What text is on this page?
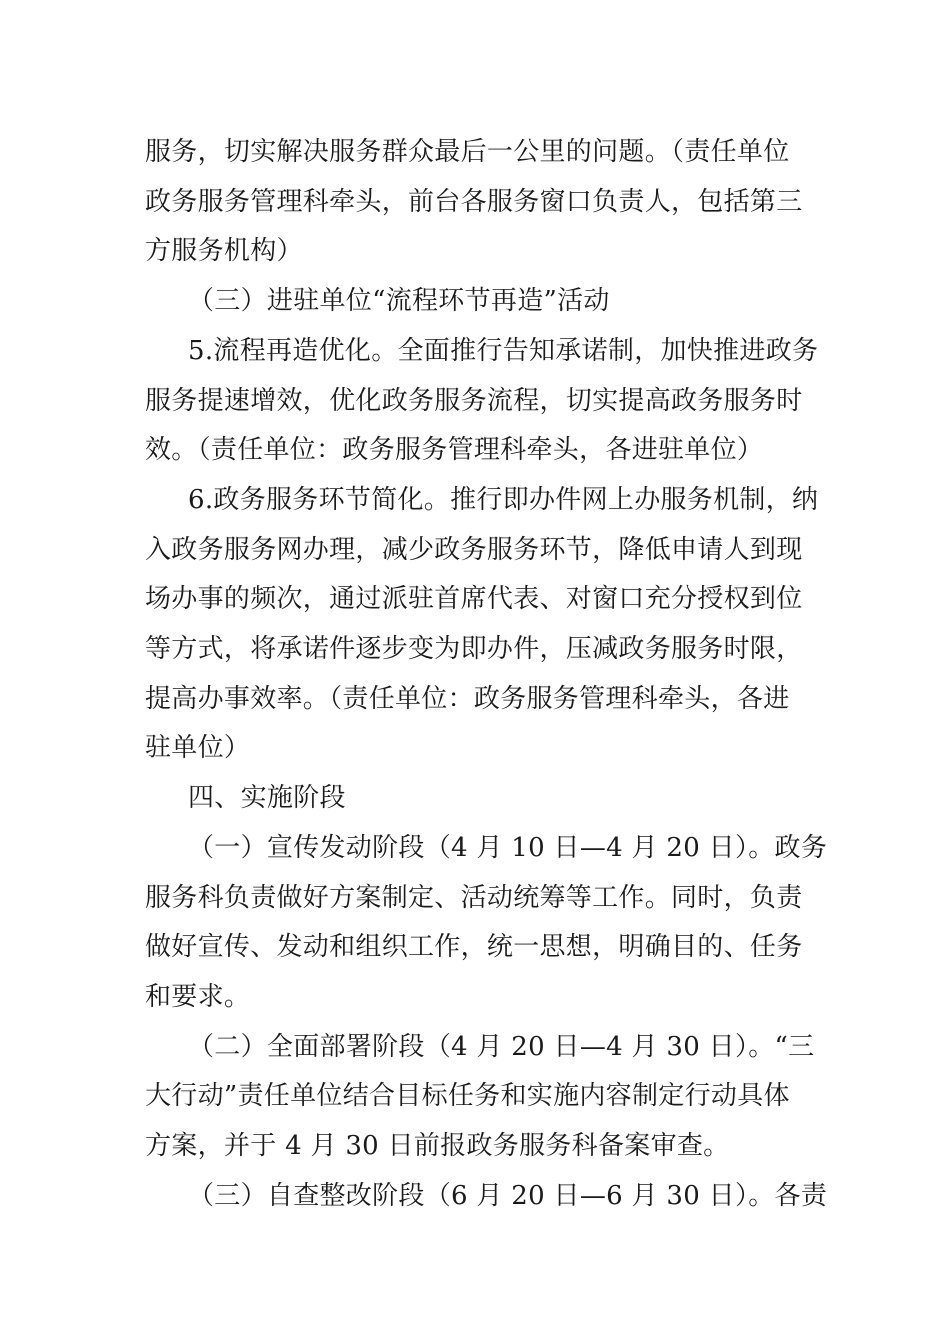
服务，切实解决服务群众最后一公里的问题。（责任单位
政务服务管理科牵头，前台各服务窗口负责人，包括第三
方服务机构）
（三）进驻单位“流程环节再造”活动
5.流程再造优化。全面推行告知承诺制，加快推进政务
服务提速增效，优化政务服务流程，切实提高政务服务时
效。（责任单位：政务服务管理科牵头，各进驻单位）
6.政务服务环节简化。推行即办件网上办服务机制，纳
入政务服务网办理，减少政务服务环节，降低申请人到现
场办事的频次，通过派驻首席代表、对窗口充分授权到位
等方式，将承诺件逐步变为即办件，压减政务服务时限，
提高办事效率。（责任单位：政务服务管理科牵头，各进
驻单位）
四、实施阶段
（一）宣传发动阶段（4 月 10 日—4 月 20 日）。政务
服务科负责做好方案制定、活动统筹等工作。同时，负责
做好宣传、发动和组织工作，统一思想，明确目的、任务
和要求。
（二）全面部署阶段（4 月 20 日—4 月 30 日）。“三
大行动”责任单位结合目标任务和实施内容制定行动具体
方案，并于 4 月 30 日前报政务服务科备案审查。
（三）自查整改阶段（6 月 20 日—6 月 30 日）。各责
